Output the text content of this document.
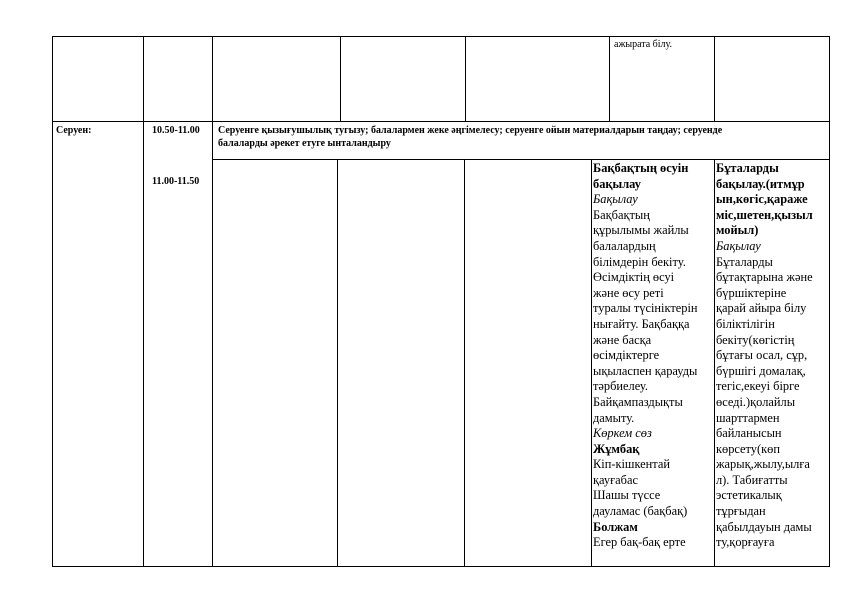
ажырата білу.
Серуен:	10.50-11.00
11.00-11.50
Серуенге қызығушылық тугызу; балалармен жеке әңгімелесу; серуенге ойын материалдарын таңдау; серуенде
балаларды әрекет етуге ынталандыру
Бақбақтың өсуін
бақылау
Бақылау
Бақбақтың
құрылымы жайлы
балалардың
білімдерін бекіту.
Өсімдіктің өсуі
және өсу реті
туралы түсініктерін
нығайту. Бақбаққа
және басқа
өсімдіктерге
ықыласпен қарауды
тәрбиелеу.
Байқампаздықты
дамыту.
Көркем сөз
Жұмбақ
Кіп-кішкентай
қауғабас
Шашы түссе
дауламас (бақбақ)
Болжам
Егер бақ-бақ ерте
Бұталарды
бақылау.(итмұр
ын,көгіс,қараже
міс,шетен,қызыл
мойыл)
Бақылау
Бұталарды
бұтақтарына және
бүршіктеріне
қарай айыра білу
біліктілігін
бекіту(көгістің
бұтағы осал, сұр,
бүршігі домалақ,
тегіс,екеуі бірге
өседі.)қолайлы
шарттармен
байланысын
көрсету(көп
жарық,жылу,ылға
л). Табиғатты
эстетикалық
тұрғыдан
қабылдауын дамы
ту,қорғауға
